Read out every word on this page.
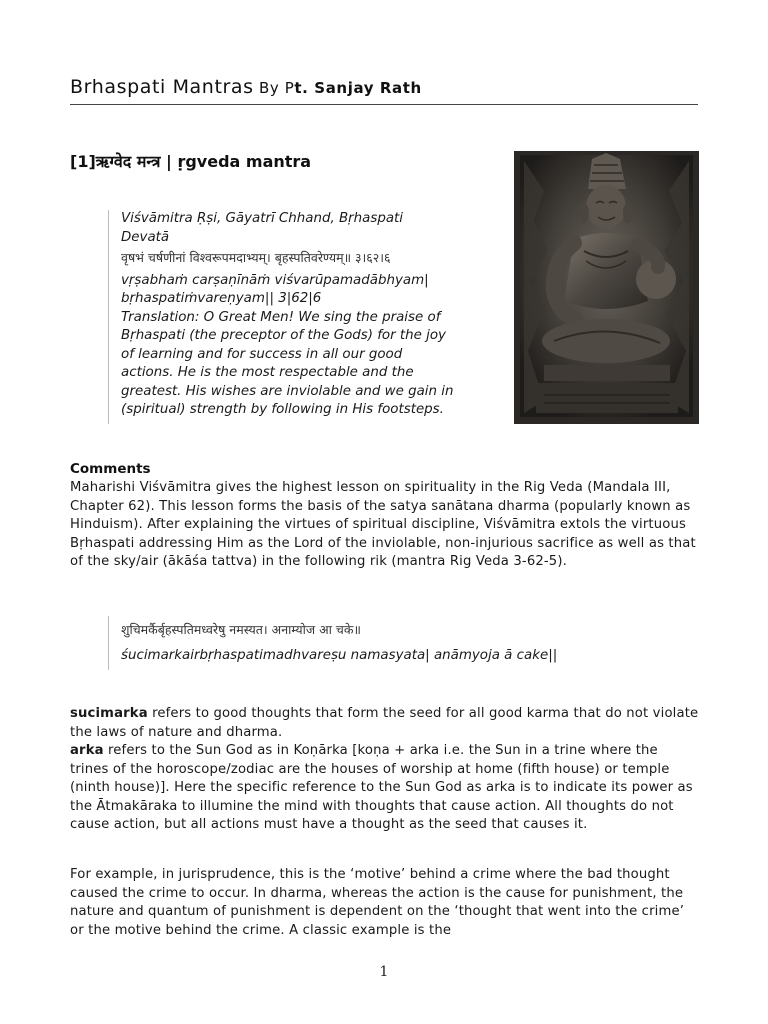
Brhaspati Mantras By Pt. Sanjay Rath
[1]ऋग्वेद मन्त्र | ṛgveda mantra
Viśvāmitra Ṛṣi, Gāyatrī Chhand, Bṛhaspati
Devatā
वृषभं चर्षणीनां विश्वरूपमदाभ्यम्। बृहस्पतिवरेण्यम्॥ ३।६२।६
vṛṣabhaṁ carṣaṇīnāṁ viśvarūpamadābhyam|
bṛhaspatiṁvareṇyam|| 3|62|6
Translation: O Great Men! We sing the praise of
Bṛhaspati (the preceptor of the Gods) for the joy
of learning and for success in all our good
actions. He is the most respectable and the
greatest. His wishes are inviolable and we gain in
(spiritual) strength by following in His footsteps.
Comments
Maharishi Viśvāmitra gives the highest lesson on spirituality in the Rig Veda (Mandala III, Chapter 62). This lesson forms the basis of the satya sanātana dharma (popularly known as Hinduism). After explaining the virtues of spiritual discipline, Viśvāmitra extols the virtuous Bṛhaspati addressing Him as the Lord of the inviolable, non-injurious sacrifice as well as that of the sky/air (ākāśa tattva) in the following rik (mantra Rig Veda 3-62-5).
शुचिमर्कैर्बृहस्पतिमध्वरेषु नमस्यत। अनाम्योज आ चके॥
śucimarkairbṛhaspatimadhvareṣu namasyata| anāmyoja ā cake||
sucimarka refers to good thoughts that form the seed for all good karma that do not violate the laws of nature and dharma.
arka refers to the Sun God as in Koṇārka [koṇa + arka i.e. the Sun in a trine where the trines of the horoscope/zodiac are the houses of worship at home (fifth house) or temple (ninth house)]. Here the specific reference to the Sun God as arka is to indicate its power as the Ātmakāraka to illumine the mind with thoughts that cause action. All thoughts do not cause action, but all actions must have a thought as the seed that causes it.
For example, in jurisprudence, this is the ‘motive’ behind a crime where the bad thought caused the crime to occur. In dharma, whereas the action is the cause for punishment, the nature and quantum of punishment is dependent on the ‘thought that went into the crime’ or the motive behind the crime. A classic example is the
1
